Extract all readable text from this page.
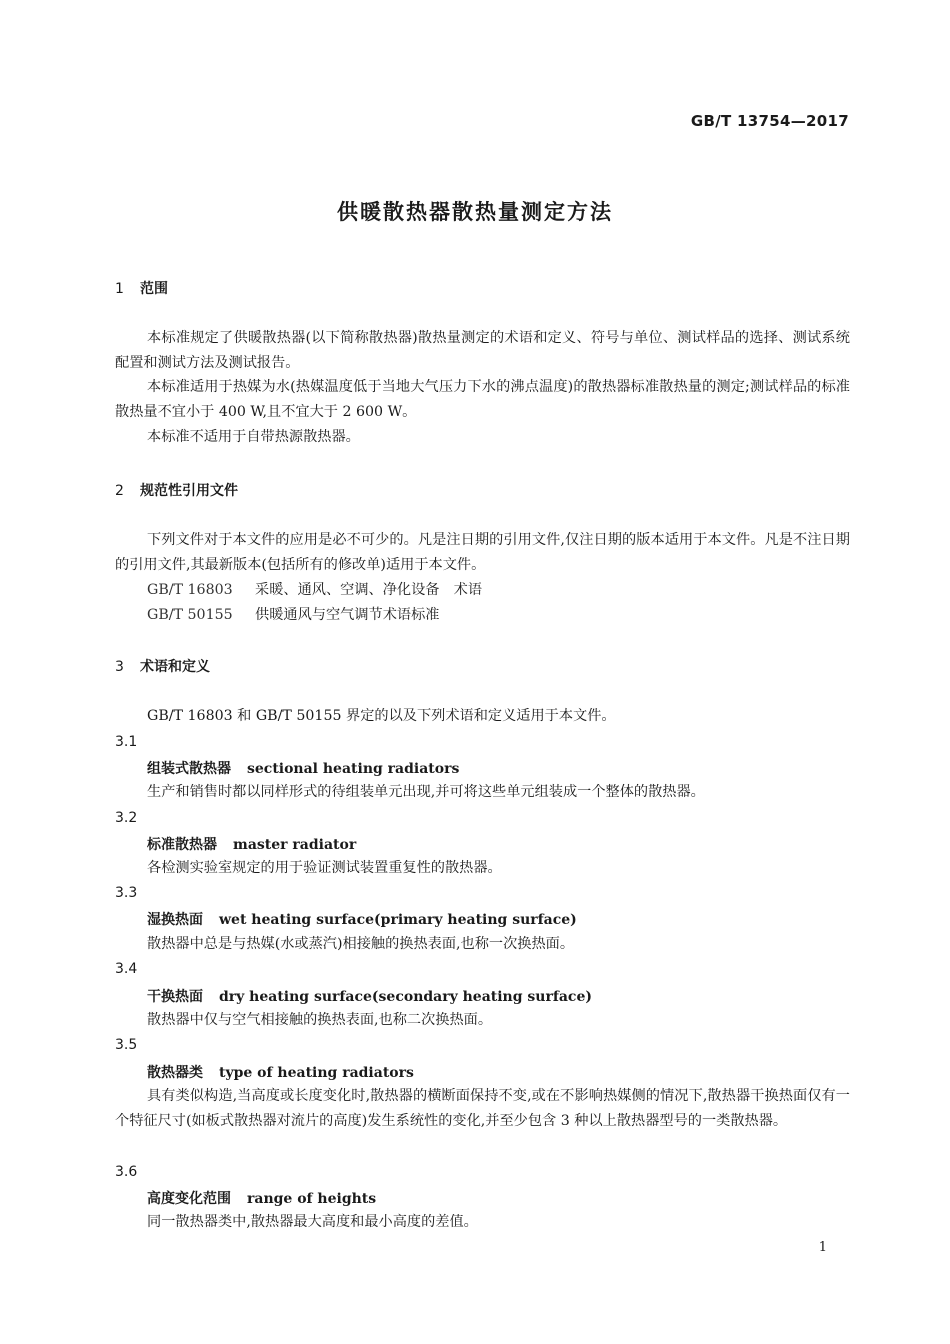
GB/T 13754—2017
供暖散热器散热量测定方法
1 范围
本标准规定了供暖散热器(以下简称散热器)散热量测定的术语和定义、符号与单位、测试样品的选择、测试系统配置和测试方法及测试报告。
本标准适用于热媒为水(热媒温度低于当地大气压力下水的沸点温度)的散热器标准散热量的测定;测试样品的标准散热量不宜小于 400 W,且不宜大于 2 600 W。
本标准不适用于自带热源散热器。
2 规范性引用文件
下列文件对于本文件的应用是必不可少的。凡是注日期的引用文件,仅注日期的版本适用于本文件。凡是不注日期的引用文件,其最新版本(包括所有的修改单)适用于本文件。
GB/T 16803 采暖、通风、空调、净化设备　术语
GB/T 50155 供暖通风与空气调节术语标准
3 术语和定义
GB/T 16803 和 GB/T 50155 界定的以及下列术语和定义适用于本文件。
3.1
组装式散热器 sectional heating radiators
生产和销售时都以同样形式的待组装单元出现,并可将这些单元组装成一个整体的散热器。
3.2
标准散热器 master radiator
各检测实验室规定的用于验证测试装置重复性的散热器。
3.3
湿换热面 wet heating surface(primary heating surface)
散热器中总是与热媒(水或蒸汽)相接触的换热表面,也称一次换热面。
3.4
干换热面 dry heating surface(secondary heating surface)
散热器中仅与空气相接触的换热表面,也称二次换热面。
3.5
散热器类 type of heating radiators
具有类似构造,当高度或长度变化时,散热器的横断面保持不变,或在不影响热媒侧的情况下,散热器干换热面仅有一个特征尺寸(如板式散热器对流片的高度)发生系统性的变化,并至少包含 3 种以上散热器型号的一类散热器。
3.6
高度变化范围 range of heights
同一散热器类中,散热器最大高度和最小高度的差值。
1
